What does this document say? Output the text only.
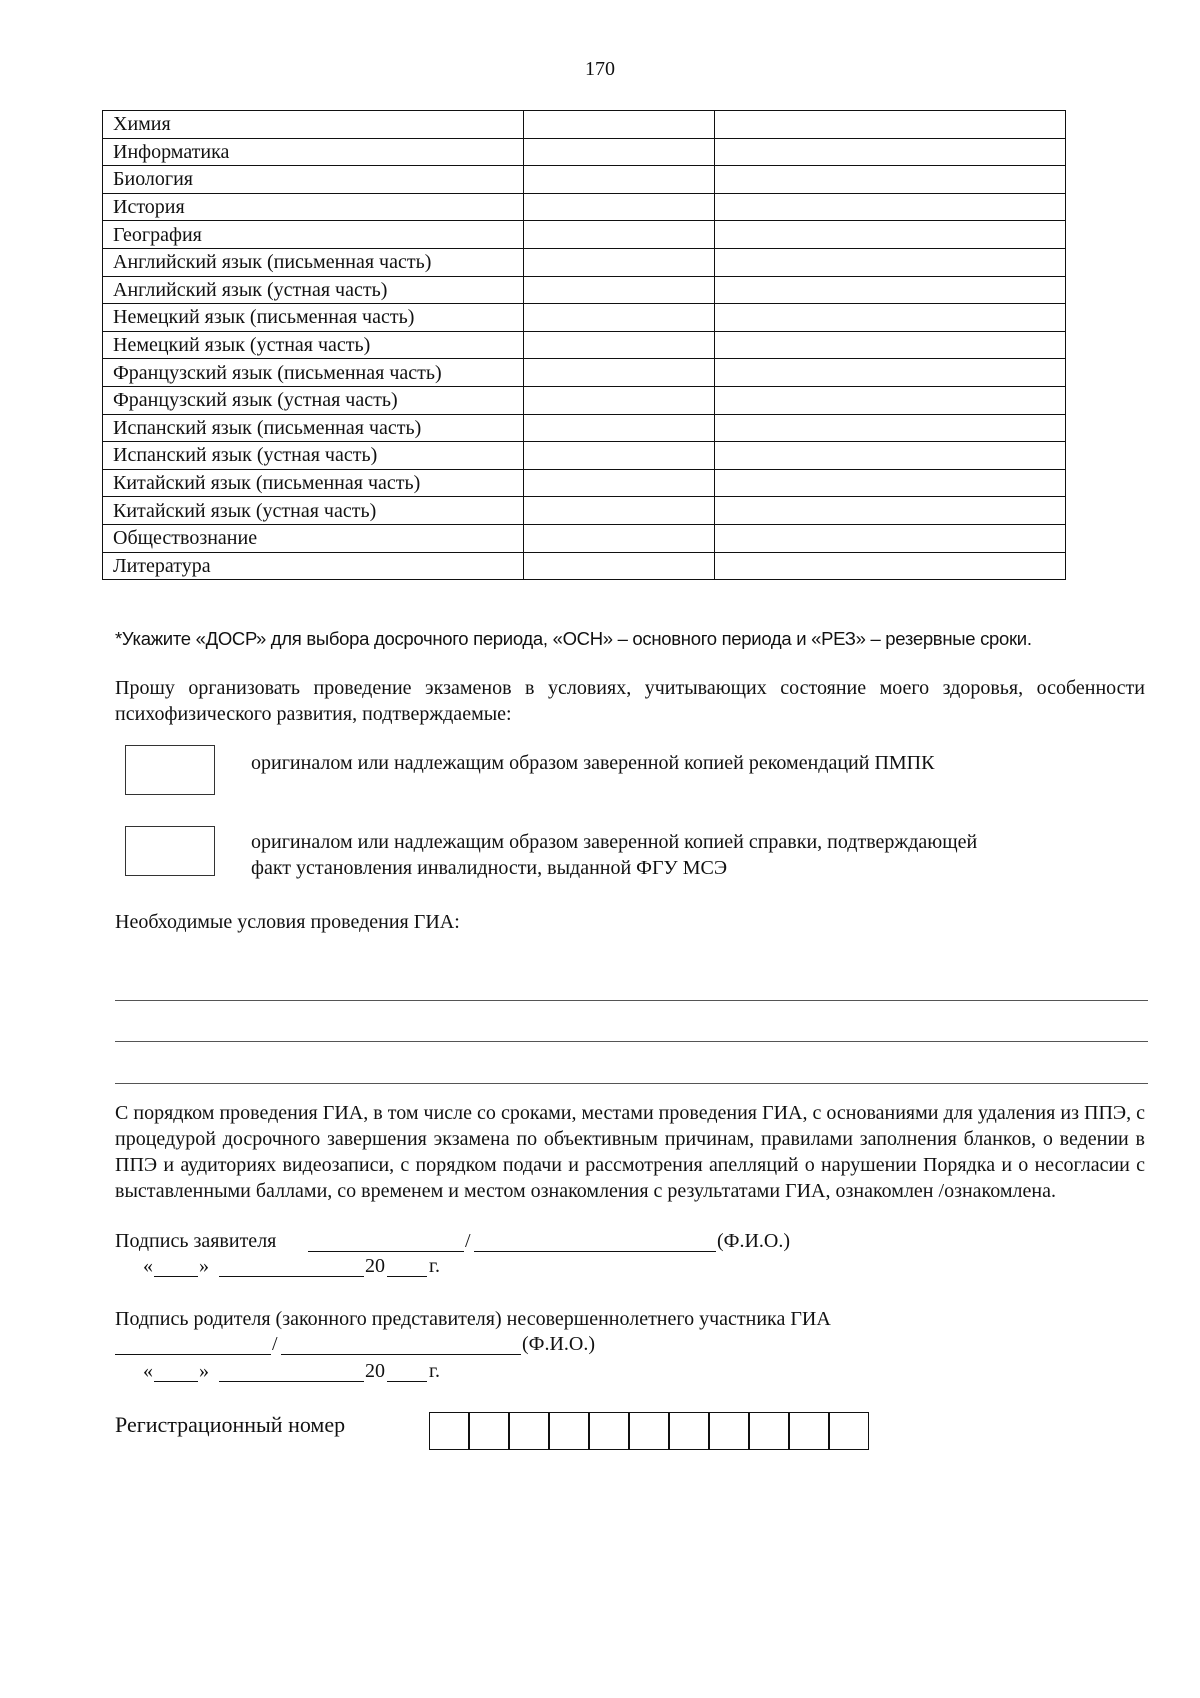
170
Химия		
Информатика		
Биология		
История		
География		
Английский язык (письменная часть)		
Английский язык (устная часть)		
Немецкий язык (письменная часть)		
Немецкий язык (устная часть)		
Французский язык (письменная часть)		
Французский язык (устная часть)		
Испанский язык (письменная часть)		
Испанский язык (устная часть)		
Китайский язык (письменная часть)		
Китайский язык (устная часть)		
Обществознание		
Литература		
*Укажите «ДОСР» для выбора досрочного периода, «ОСН» – основного периода и «РЕЗ» – резервные сроки.
Прошу организовать проведение экзаменов в условиях, учитывающих состояние моего здоровья, особенности психофизического развития, подтверждаемые:
оригиналом или надлежащим образом заверенной копией рекомендаций ПМПК
оригиналом или надлежащим образом заверенной копией справки, подтверждающей
факт установления инвалидности, выданной ФГУ МСЭ
Необходимые условия проведения ГИА:
С порядком проведения ГИА, в том числе со сроками, местами проведения ГИА, с основаниями для удаления из ППЭ, с процедурой досрочного завершения экзамена по объективным причинам, правилами заполнения бланков, о ведении в ППЭ и аудиториях видеозаписи, с порядком подачи и рассмотрения апелляций о нарушении Порядка и о несогласии с выставленными баллами, со временем и местом ознакомления с результатами ГИА, ознакомлен /ознакомлена.
Подпись заявителя	/	(Ф.И.О.)
« »	20 г.
Подпись родителя (законного представителя) несовершеннолетнего участника ГИА
/	(Ф.И.О.)
« »	20 г.
Регистрационный номер
